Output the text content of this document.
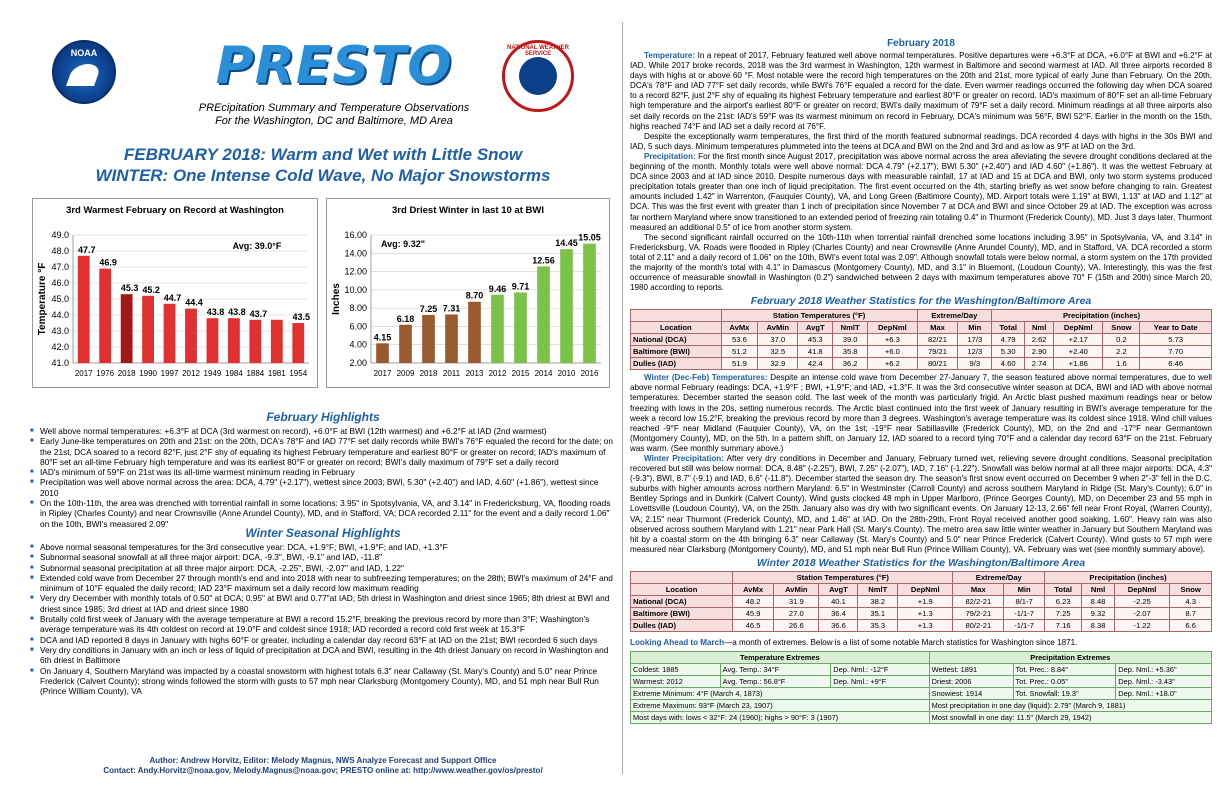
NOAA	PRESTO	NATIONAL WEATHER SERVICE
PREcipitation Summary and Temperature Observations
For the Washington, DC and Baltimore, MD Area
FEBRUARY 2018: Warm and Wet with Little Snow
WINTER: One Intense Cold Wave, No Major Snowstorms
3rd Warmest February on Record at Washington
Avg: 39.0°F
Temperature °F
41.0
42.0
43.0
44.0
45.0
46.0
47.0
48.0
49.0
47.7
2017
46.9
1976
45.3
2018
45.2
1990
44.7
1997
44.4
2012
43.8
1949
43.8
1984
43.7
1884 1981
43.5
1954
3rd Driest Winter in last 10 at BWI
Avg: 9.32"
Inches
2.00
4.00
6.00
8.00
10.00
12.00
14.00
16.00
4.15
2017
6.18
2009
7.25
2018
7.31
2011
8.70
2013
9.46
2012
9.71
2015
12.56
2014
14.45
2010
15.05
2016
February Highlights
■ Well above normal temperatures: +6.3°F at DCA (3rd warmest on record), +6.0°F at BWI (12th warmest) and +6.2°F at IAD (2nd warmest)
■ Early June-like temperatures on 20th and 21st: on the 20th, DCA's 78°F and IAD 77°F set daily records while BWI's 76°F equaled the record for the date; on the 21st, DCA soared to a record 82°F, just 2°F shy of equaling its highest February temperature and earliest 80°F or greater on record; IAD's maximum of 80°F set an all-time February high temperature and was its earliest 80°F or greater on record; BWI's daily maximum of 79°F set a daily record
■ IAD's minimum of 59°F on 21st was its all-time warmest minimum reading in February
■ Precipitation was well above normal across the area: DCA, 4.79" (+2.17"), wettest since 2003; BWI, 5.30" (+2.40") and IAD, 4.60" (+1.86"), wettest since 2010
■ On the 10th-11th, the area was drenched with torrential rainfall in some locations: 3.95" in Spotsylvania, VA, and 3.14" in Fredericksburg, VA, flooding roads in Ripley (Charles County) and near Crownsville (Anne Arundel County), MD, and in Stafford, VA; DCA recorded 2.11" for the event and a daily record 1.06" on the 10th, BWI's measured 2.09"
Winter Seasonal Highlights
■ Above normal seasonal temperatures for the 3rd consecutive year: DCA, +1.9°F; BWI, +1.9°F; and IAD, +1.3°F
■ Subnormal seasonal snowfall at all three major airport: DCA, -9.3", BWI, -9.1" and IAD, -11.8"
■ Subnormal seasonal precipitation at all three major airport: DCA, -2.25", BWI, -2.07" and IAD, 1.22"
■ Extended cold wave from December 27 through month's end and into 2018 with near to subfreezing temperatures; on the 28th; BWI's maximum of 24°F and minimum of 10°F equaled the daily record; IAD 23°F maximum set a daily record low maximum reading
■ Very dry December with monthly totals of 0.50" at DCA; 0.95" at BWI and 0.77"at IAD; 5th driest in Washington and driest since 1965; 8th driest at BWI and driest since 1985; 3rd driest at IAD and driest since 1980
■ Brutally cold first week of January with the average temperature at BWI a record 15.2°F, breaking the previous record by more than 3°F; Washington's average temperature was its 4th coldest on record at 19.0°F and coldest since 1918; IAD recorded a record cold first week at 15.3°F
■ DCA and IAD reported 8 days in January with highs 60°F or greater, including a calendar day record 63°F at IAD on the 21st; BWI recorded 6 such days
■ Very dry conditions in January with an inch or less of liquid of precipitation at DCA and BWI, resulting in the 4th driest January on record in Washington and 6th driest in Baltimore
■ On January 4, Southern Maryland was impacted by a coastal snowstorm with highest totals 6.3" near Callaway (St. Mary's County) and 5.0" near Prince Frederick (Calvert County); strong winds followed the storm with gusts to 57 mph near Clarksburg (Montgomery County), MD, and 51 mph near Bull Run (Prince William County), VA
Author: Andrew Horvitz, Editor: Melody Magnus, NWS Analyze Forecast and Support Office
Contact: Andy.Horvitz@noaa.gov, Melody.Magnus@noaa.gov; PRESTO online at: http://www.weather.gov/os/presto/

February 2018

Temperature: In a repeat of 2017, February featured well above normal temperatures. Positive departures were +6.3°F at DCA, +6.0°F at BWI and +6.2°F at IAD. While 2017 broke records, 2018 was the 3rd warmest in Washington, 12th warmest in Baltimore and second warmest at IAD. All three airports recorded 8 days with highs at or above 60 °F. Most notable were the record high temperatures on the 20th and 21st, more typical of early June than February. On the 20th, DCA's 78°F and IAD 77°F set daily records, while BWI's 76°F equaled a record for the date. Even warmer readings occurred the following day when DCA soared to a record 82°F, just 2°F shy of equaling its highest February temperature and earliest 80°F or greater on record. IAD's maximum of 80°F set an all-time February high temperature and the airport's earliest 80°F or greater on record; BWI's daily maximum of 79°F set a daily record. Minimum readings at all three airports also set daily records on the 21st: IAD's 59°F was its warmest minimum on record in February, DCA's minimum was 56°F, BWI 52°F. Earlier in the month on the 15th, highs reached 74°F and IAD set a daily record at 76°F.

Despite the exceptionally warm temperatures, the first third of the month featured subnormal readings. DCA recorded 4 days with highs in the 30s BWI and IAD, 5 such days. Minimum temperatures plummeted into the teens at DCA and BWI on the 2nd and 3rd and as low as 9°F at IAD on the 3rd.

Precipitation: For the first month since August 2017, precipitation was above normal across the area alleviating the severe drought conditions declared at the beginning of the month. Monthly totals were well above normal: DCA 4.79" (+2.17"); BWI 5.30" (+2.40") and IAD 4.60" (+1.86"). It was the wettest February at DCA since 2003 and at IAD since 2010. Despite numerous days with measurable rainfall, 17 at IAD and 15 at DCA and BWI, only two storm systems produced precipitation totals greater than one inch of liquid precipitation. The first event occurred on the 4th, starting briefly as wet snow before changing to rain. Greatest amounts included 1.42" in Warrenton, (Fauquier County), VA, and Long Green (Baltimore County), MD. Airport totals were 1.19" at BWI, 1.13" at IAD and 1.12" at DCA. This was the first event with greater than 1 inch of precipitation since November 7 at DCA and BWI and since October 29 at IAD. The exception was across far northern Maryland where snow transitioned to an extended period of freezing rain totaling 0.4" in Thurmont (Frederick County), MD. Just 3 days later, Thurmont measured an additional 0.5" of ice from another storm system.

The second significant rainfall occurred on the 10th-11th when torrential rainfall drenched some locations including 3.95" in Spotsylvania, VA, and 3.14" in Fredericksburg, VA. Roads were flooded in Ripley (Charles County) and near Crownsville (Anne Arundel County), MD, and in Stafford, VA. DCA recorded a storm total of 2.11" and a daily record of 1.06" on the 10th, BWI's event total was 2.09". Although snowfall totals were below normal, a storm system on the 17th provided the majority of the month's total with 4.1" in Damascus (Montgomery County), MD, and 3.1" in Bluemont, (Loudoun County), VA. Interestingly, this was the first occurrence of measurable snowfall in Washington (0.2") sandwiched between 2 days with maximum temperatures above 70° F (15th and 20th) since March 20, 1980 according to reports.

February 2018 Weather Statistics for the Washington/Baltimore Area

	Station Temperatures (°F)					Extreme/Day		Precipitation (inches)				
Location	AvMx	AvMin	AvgT	NmlT	DepNml	Max	Min	Total	Nml	DepNml	Snow	Year to Date
National (DCA)	53.6	37.0	45.3	39.0	+6.3	82/21	17/3	4.79	2.62	+2.17	0.2	5.73
Baltimore (BWI)	51.2	32.5	41.8	35.8	+6.0	79/21	12/3	5.30	2.90	+2.40	2.2	7.70
Dulles (IAD)	51.9	32.9	42.4	36.2	+6.2	80/21	9/3	4.60	2.74	+1.86	1.6	6.46

Winter (Dec-Feb) Temperatures: Despite an intense cold wave from December 27-January 7, the season featured above normal temperatures, due to well above normal February readings: DCA, +1.9°F ; BWI, +1.9°F; and IAD, +1.3°F. It was the 3rd consecutive winter season at DCA, BWI and IAD with above normal temperatures. December started the season cold. The last week of the month was particularly frigid. An Arctic blast pushed maximum readings near or below freezing with lows in the 20s, setting numerous records. The Arctic blast continued into the first week of January resulting in BWI's average temperature for the week a record low 15.2°F, breaking the previous record by more than 3 degrees. Washington's average temperature was its coldest since 1918. Wind chill values reached -9°F near Midland (Fauquier County), VA, on the 1st; -19°F near Sabillasville (Frederick County), MD, on the 2nd and -17°F near Germantown (Montgomery County), MD, on the 5th. In a pattern shift, on January 12, IAD soared to a record tying 70°F and a calendar day record 63°F on the 21st. February was warm. (See monthly summary above.)

Winter Precipitation: After very dry conditions in December and January, February turned wet, relieving severe drought conditions. Seasonal precipitation recovered but still was below normal: DCA, 8.48" (-2.25"), BWI, 7.25" (-2.07"), IAD, 7.16" (-1.22"). Snowfall was below normal at all three major airports: DCA, 4.3" (-9.3"), BWI, 8.7" (-9.1) and IAD, 6.6" (-11.8"). December started the season dry. The season's first snow event occurred on December 9 when 2"-3" fell in the D.C. suburbs with higher amounts across northern Maryland: 6.5" in Westminster (Carroll County) and across southern Maryland in Ridge (St. Mary's County); 6.0" in Bentley Springs and in Dunkirk (Calvert County). Wind gusts clocked 48 mph in Upper Marlboro, (Prince Georges County), MD, on December 23 and 55 mph in Lovettsville (Loudoun County), VA, on the 25th. January also was dry with two significant events. On January 12-13, 2.66" fell near Front Royal, (Warren County), VA; 2.15" near Thurmont (Frederick County), MD, and 1.46" at IAD. On the 28th-29th, Front Royal received another good soaking, 1.60". Heavy rain was also observed across southern Maryland with 1.21" near Park Hall (St. Mary's County). The metro area saw little winter weather in January but Southern Maryland was hit by a coastal storm on the 4th bringing 6.3" near Callaway (St. Mary's County) and 5.0" near Prince Frederick (Calvert County). Wind gusts to 57 mph were measured near Clarksburg (Montgomery County), MD, and 51 mph near Bull Run (Prince William County), VA. February was wet (see monthly summary above).

Winter 2018 Weather Statistics for the Washington/Baltimore Area

	Station Temperatures (°F)					Extreme/Day		Precipitation (inches)			
Location	AvMx	AvMin	AvgT	NmlT	DepNml	Max	Min	Total	Nml	DepNml	Snow
National (DCA)	48.2	31.9	40.1	38.2	+1.9	82/2-21	8/1-7	6.23	8.48	-2.25	4.3
Baltimore (BWI)	45.9	27.0	36.4	35.1	+1.3	79/2-21	-1/1-7	7.25	9.32	-2.07	8.7
Dulles (IAD)	46.5	26.6	36.6	35.3	+1.3	80/2-21	-1/1-7	7.16	8.38	-1.22	6.6

Looking Ahead to March—a month of extremes. Below is a list of some notable March statistics for Washington since 1871.

Temperature Extremes			Precipitation Extremes		
Coldest: 1885	Avg. Temp.: 34°F	Dep. Nml.: -12°F	Wettest: 1891	Tot. Prec.: 8.84"	Dep. Nml.: +5.36"
Warmest: 2012	Avg. Temp.: 56.8°F	Dep. Nml.: +9°F	Driest: 2006	Tot. Prec.: 0.05"	Dep. Nml.: -3.43"
Extreme Minimum: 4°F (March 4, 1873)			Snowiest: 1914	Tot. Snowfall: 19.3"	Dep. Nml.: +18.0"
Extreme Maximum: 93°F (March 23, 1907)			Most precipitation in one day (liquid): 2.79" (March 9, 1881)		
Most days with: lows < 32°F: 24 (1960); highs > 90°F: 3 (1907)			Most snowfall in one day: 11.5" (March 29, 1942)		
